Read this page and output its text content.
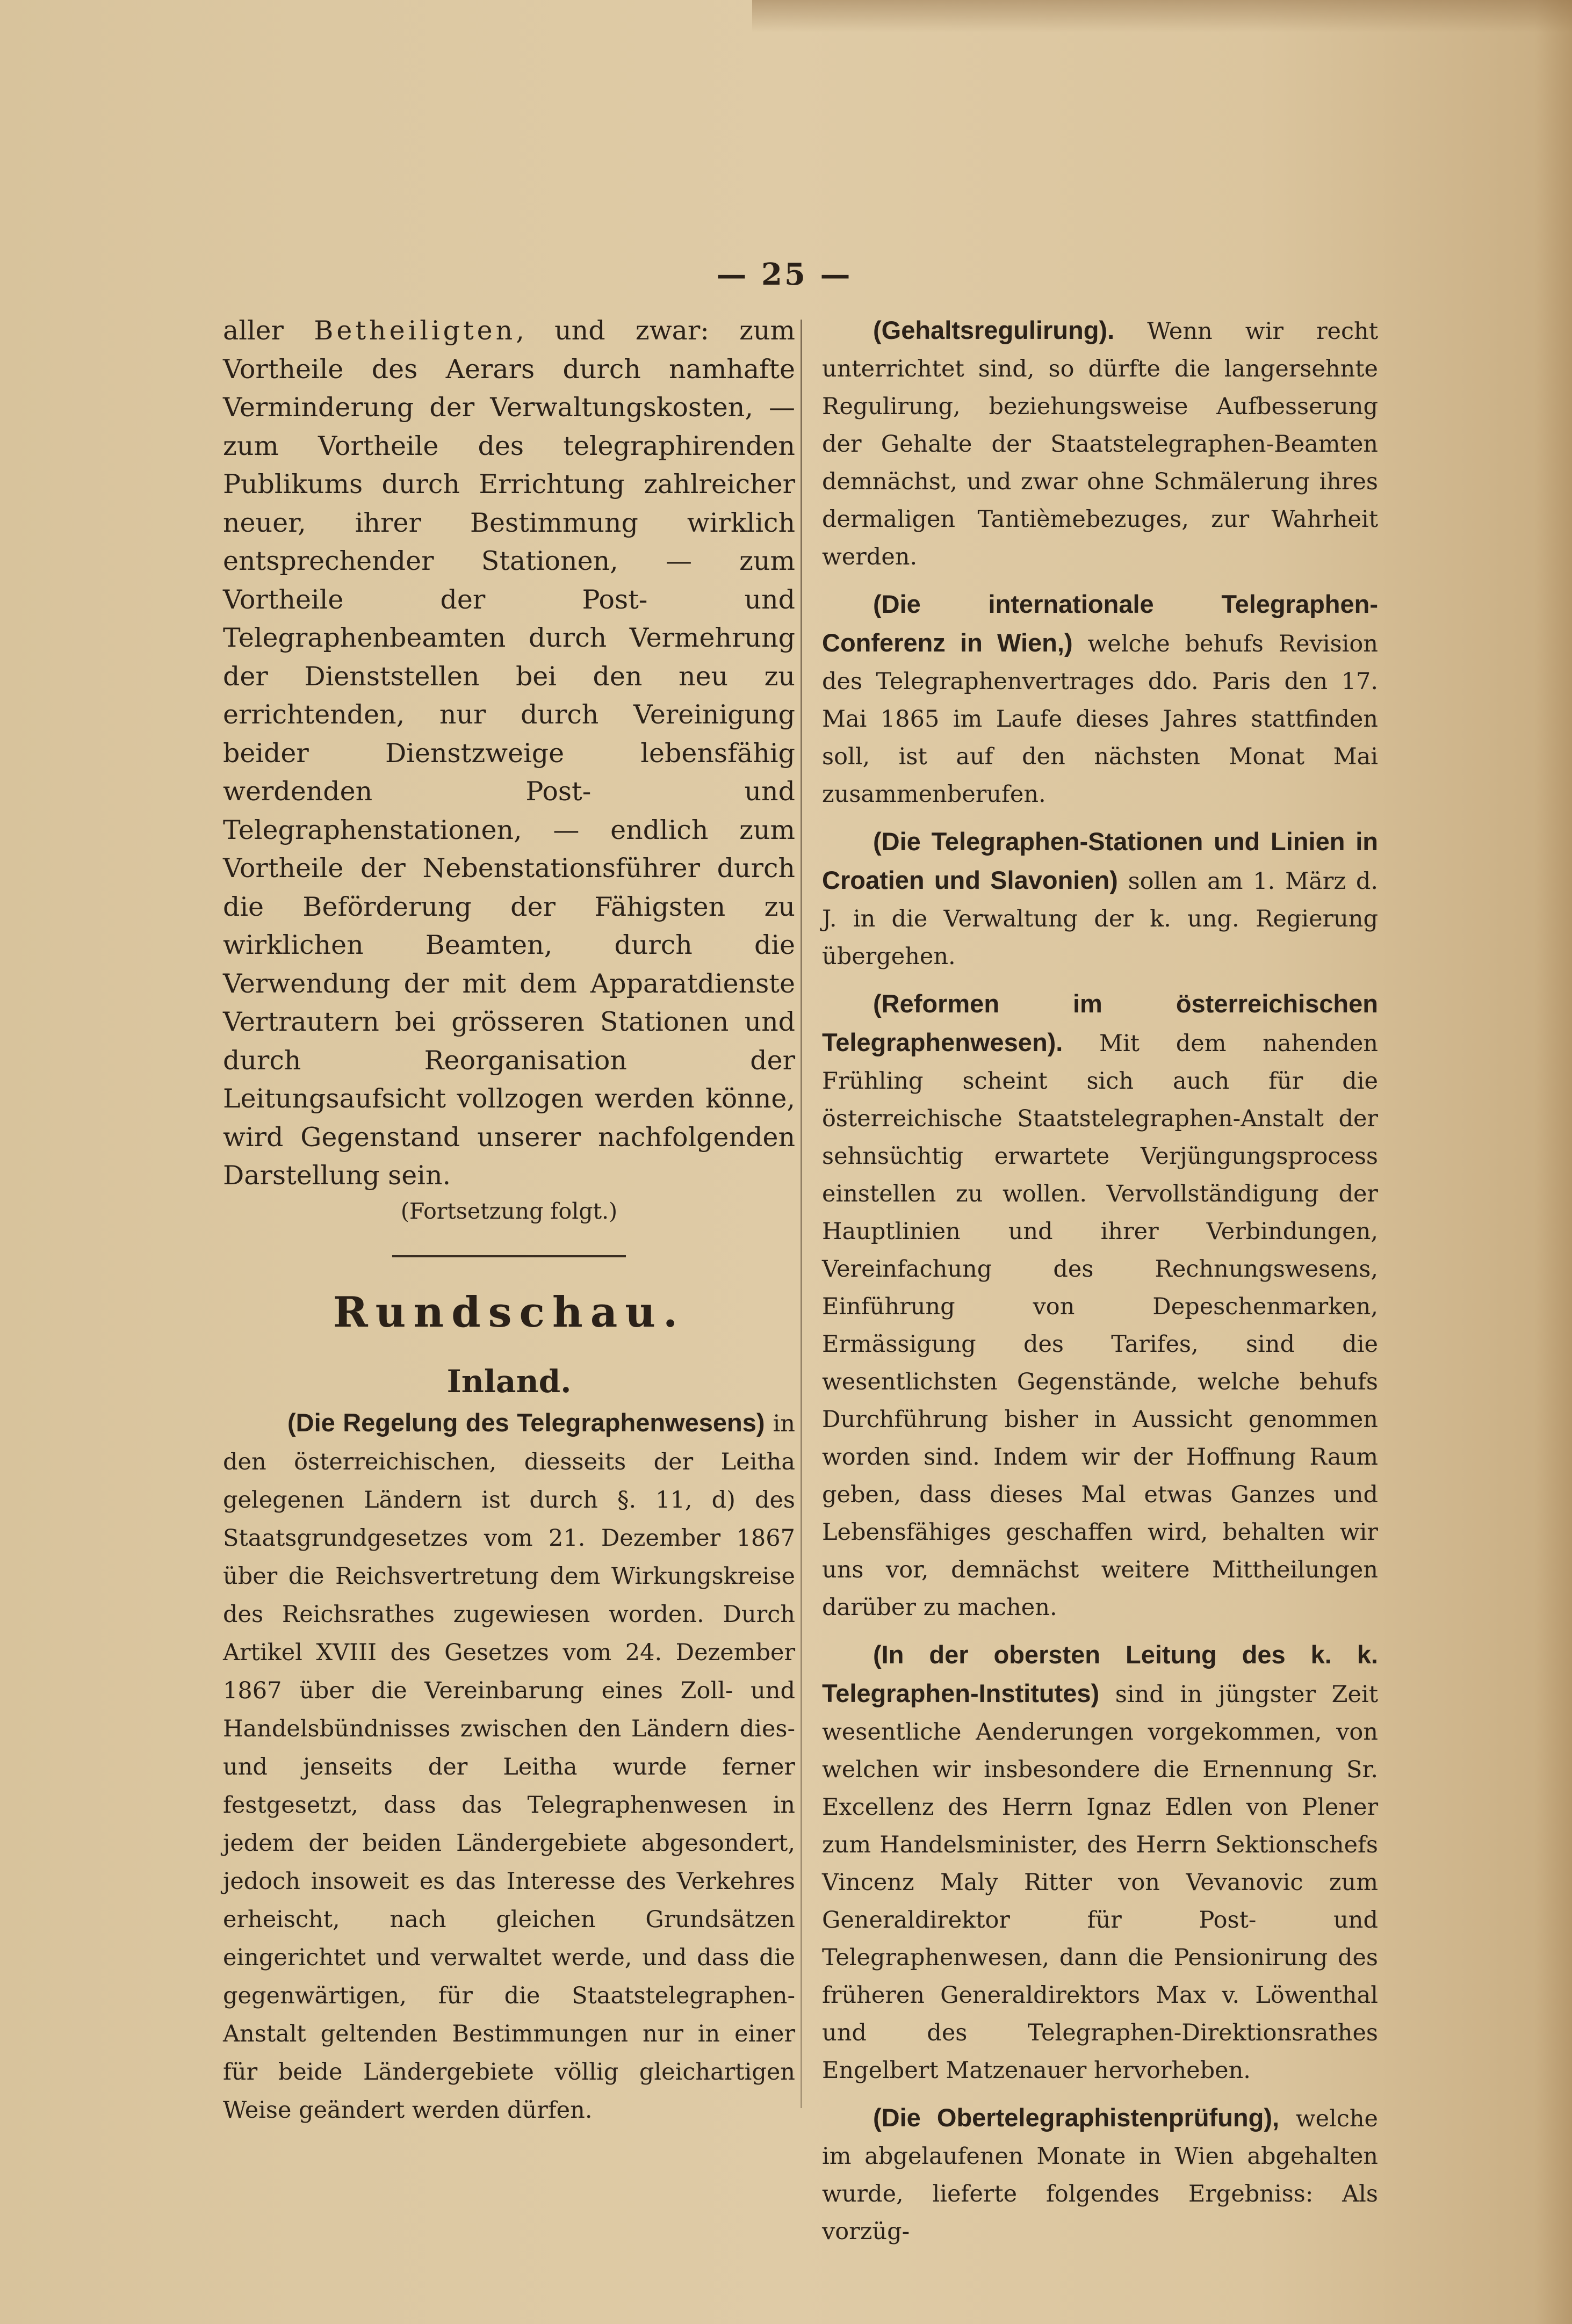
— 25 —

aller Betheiligten, und zwar: zum Vortheile des Aerars durch namhafte Verminderung der Verwaltungskosten, — zum Vortheile des telegraphirenden Publikums durch Errichtung zahlreicher neuer, ihrer Bestimmung wirklich entsprechender Stationen, — zum Vortheile der Post- und Telegraphenbeamten durch Vermehrung der Dienststellen bei den neu zu errichtenden, nur durch Vereinigung beider Dienstzweige lebensfähig werdenden Post- und Telegraphenstationen, — endlich zum Vortheile der Nebenstationsführer durch die Beförderung der Fähigsten zu wirklichen Beamten, durch die Verwendung der mit dem Apparatdienste Vertrautern bei grösseren Stationen und durch Reorganisation der Leitungsaufsicht vollzogen werden könne, wird Gegenstand unserer nachfolgenden Darstellung sein.

(Fortsetzung folgt.)

Rundschau.
Inland.

(Die Regelung des Telegraphenwesens) in den österreichischen, diesseits der Leitha gelegenen Ländern ist durch §. 11, d) des Staatsgrundgesetzes vom 21. Dezember 1867 über die Reichsvertretung dem Wirkungskreise des Reichsrathes zugewiesen worden. Durch Artikel XVIII des Gesetzes vom 24. Dezember 1867 über die Vereinbarung eines Zoll- und Handelsbündnisses zwischen den Ländern dies- und jenseits der Leitha wurde ferner festgesetzt, dass das Telegraphenwesen in jedem der beiden Ländergebiete abgesondert, jedoch insoweit es das Interesse des Verkehres erheischt, nach gleichen Grundsätzen eingerichtet und verwaltet werde, und dass die gegenwärtigen, für die Staatstelegraphen-Anstalt geltenden Bestimmungen nur in einer für beide Ländergebiete völlig gleichartigen Weise geändert werden dürfen.

(Gehaltsregulirung). Wenn wir recht unterrichtet sind, so dürfte die langersehnte Regulirung, beziehungsweise Aufbesserung der Gehalte der Staatstelegraphen-Beamten demnächst, und zwar ohne Schmälerung ihres dermaligen Tantièmebezuges, zur Wahrheit werden.

(Die internationale Telegraphen-Conferenz in Wien,) welche behufs Revision des Telegraphenvertrages ddo. Paris den 17. Mai 1865 im Laufe dieses Jahres stattfinden soll, ist auf den nächsten Monat Mai zusammenberufen.

(Die Telegraphen-Stationen und Linien in Croatien und Slavonien) sollen am 1. März d. J. in die Verwaltung der k. ung. Regierung übergehen.

(Reformen im österreichischen Telegraphenwesen). Mit dem nahenden Frühling scheint sich auch für die österreichische Staatstelegraphen-Anstalt der sehnsüchtig erwartete Verjüngungsprocess einstellen zu wollen. Vervollständigung der Hauptlinien und ihrer Verbindungen, Vereinfachung des Rechnungswesens, Einführung von Depeschenmarken, Ermässigung des Tarifes, sind die wesentlichsten Gegenstände, welche behufs Durchführung bisher in Aussicht genommen worden sind. Indem wir der Hoffnung Raum geben, dass dieses Mal etwas Ganzes und Lebensfähiges geschaffen wird, behalten wir uns vor, demnächst weitere Mittheilungen darüber zu machen.

(In der obersten Leitung des k. k. Telegraphen-Institutes) sind in jüngster Zeit wesentliche Aenderungen vorgekommen, von welchen wir insbesondere die Ernennung Sr. Excellenz des Herrn Ignaz Edlen von Plener zum Handelsminister, des Herrn Sektionschefs Vincenz Maly Ritter von Vevanovic zum Generaldirektor für Post- und Telegraphenwesen, dann die Pensionirung des früheren Generaldirektors Max v. Löwenthal und des Telegraphen-Direktionsrathes Engelbert Matzenauer hervorheben.

(Die Obertelegraphistenprüfung), welche im abgelaufenen Monate in Wien abgehalten wurde, lieferte folgendes Ergebniss: Als vorzüg-
